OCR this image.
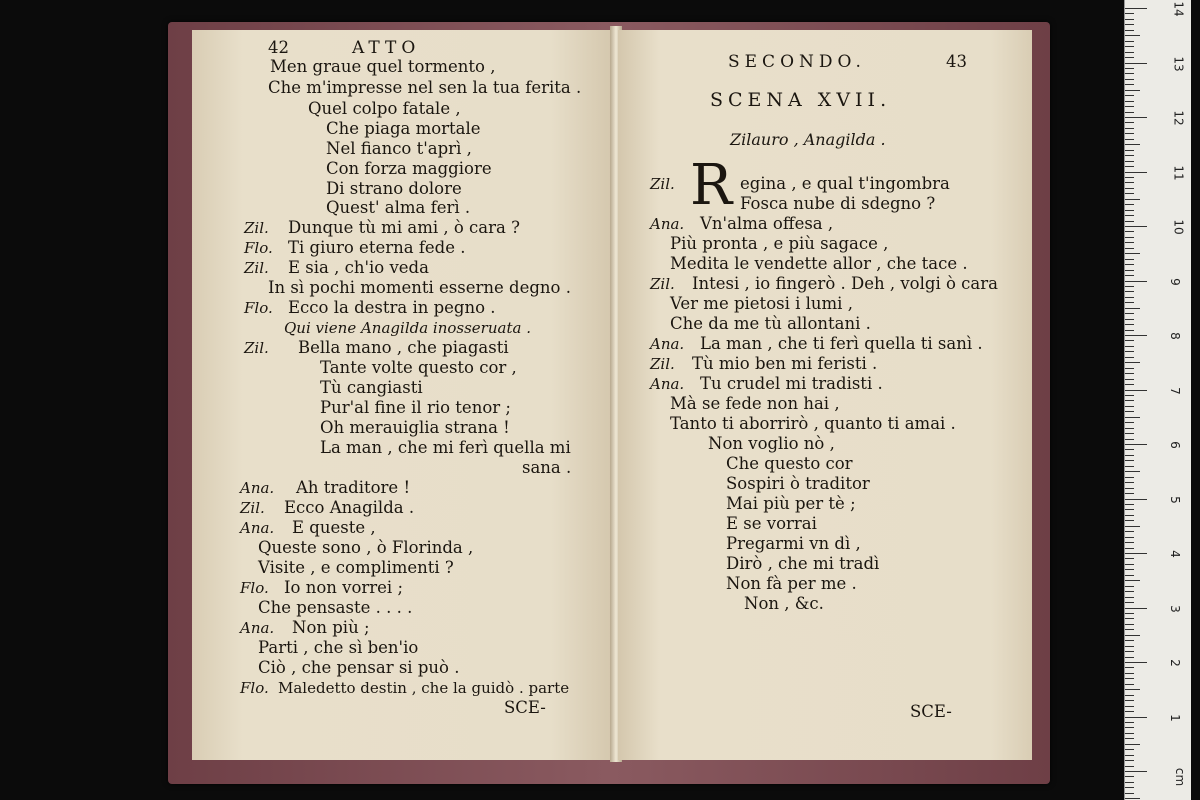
42	ATTO
Men graue quel tormento ,
Che m'impresse nel sen la tua ferita .
Quel colpo fatale ,
Che piaga mortale
Nel fianco t'aprì ,
Con forza maggiore
Di strano dolore
Quest' alma ferì .
Zil. Dunque tù mi ami , ò cara ?
Flo. Ti giuro eterna fede .
Zil. E sia , ch'io veda
In sì pochi momenti esserne degno .
Flo. Ecco la destra in pegno .
Qui viene Anagilda inosseruata .
Zil. Bella mano , che piagasti
Tante volte questo cor ,
Tù cangiasti
Pur'al fine il rio tenor ;
Oh merauiglia strana !
La man , che mi ferì quella mi
sana .
Ana. Ah traditore !
Zil. Ecco Anagilda .
Ana. E queste ,
Queste sono , ò Florinda ,
Visite , e complimenti ?
Flo. Io non vorrei ;
Che pensaste . . . .
Ana. Non più ;
Parti , che sì ben'io
Ciò , che pensar si può .
Flo. Maledetto destin , che la guidò . parte
SCE-
SECONDO.	43
SCENA XVII.
Zilauro , Anagilda .
Zil. R egina , e qual t'ingombra
Fosca nube di sdegno ?
Ana. Vn'alma offesa ,
Più pronta , e più sagace ,
Medita le vendette allor , che tace .
Zil. Intesi , io fingerò . Deh , volgi ò cara
Ver me pietosi i lumi ,
Che da me tù allontani .
Ana. La man , che ti ferì quella ti sanì .
Zil. Tù mio ben mi feristi .
Ana. Tu crudel mi tradisti .
Mà se fede non hai ,
Tanto ti aborrirò , quanto ti amai .
Non voglio nò ,
Che questo cor
Sospiri ò traditor
Mai più per tè ;
E se vorrai
Pregarmi vn dì ,
Dirò , che mi tradì
Non fà per me .
Non , &c.
SCE-
14
13
12
11
10
9
8
7
6
5
4
3
2
1
cm
